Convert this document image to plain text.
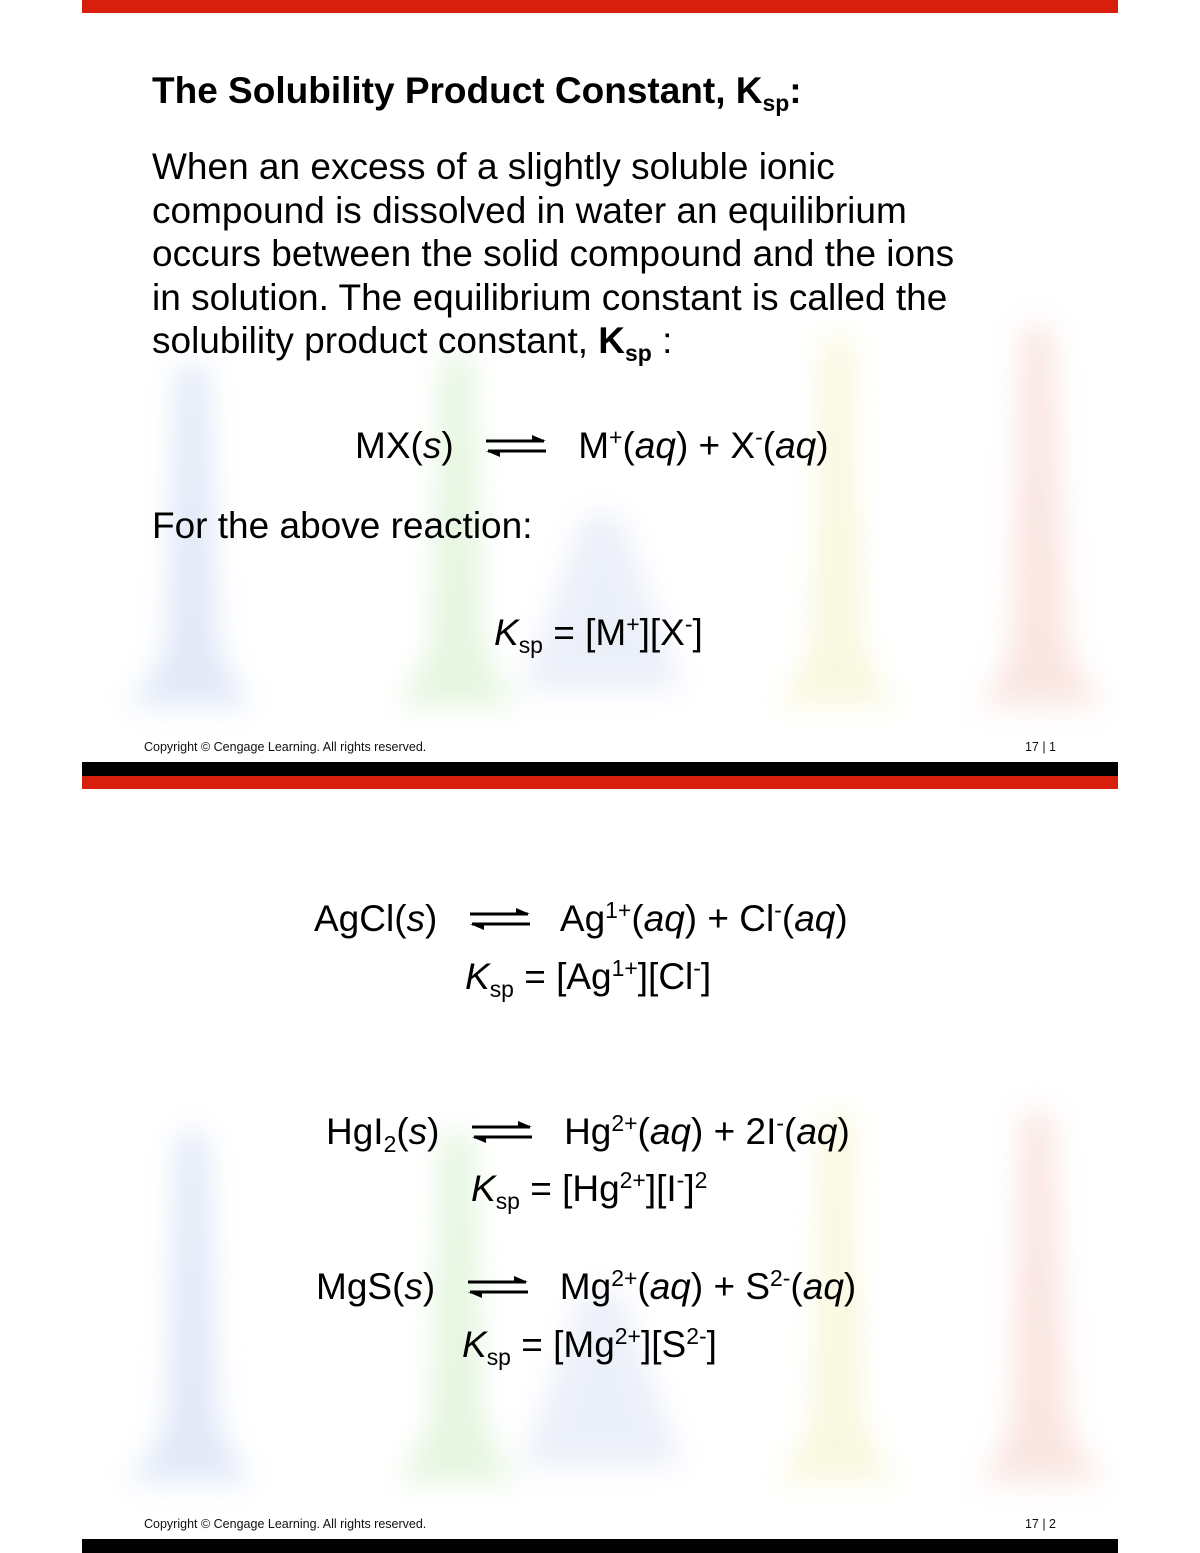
The Solubility Product Constant, $K_{sp}$:
When an excess of a slightly soluble ionic
compound is dissolved in water an equilibrium
occurs between the solid compound and the ions
in solution. The equilibrium constant is called the
solubility product constant, $K_{sp}$ :
MX(s) ⇌ M+(aq) + X-(aq)
For the above reaction:
$K_{sp} = [M^+][X^-]$
Copyright © Cengage Learning. All rights reserved.	17 | 1
AgCl(s) ⇌ $Ag^{1+}(aq) + Cl^-(aq)$
$K_{sp} = [Ag^{1+}][Cl^-]$
HgI$_2$(s) ⇌ $Hg^{2+}(aq) + 2I^-(aq)$
$K_{sp} = [Hg^{2+}][I^-]^2$
MgS(s) ⇌ $Mg^{2+}(aq) + S^{2-}(aq)$
$K_{sp} = [Mg^{2+}][S^{2-}]$
Copyright © Cengage Learning. All rights reserved.	17 | 2
